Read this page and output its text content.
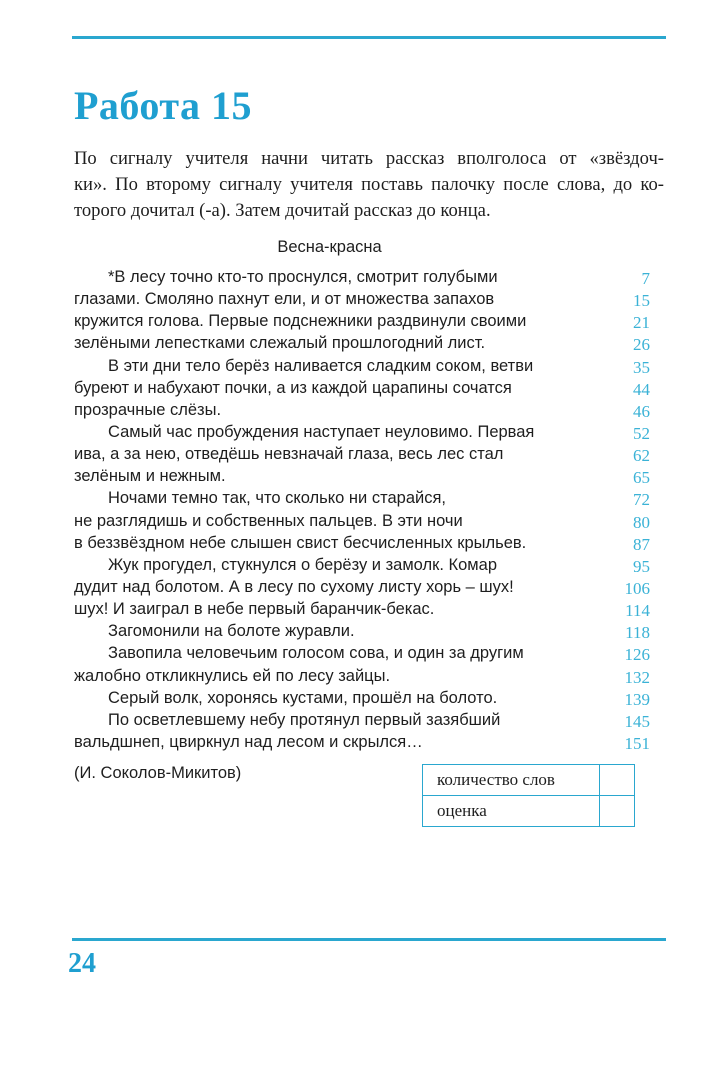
Работа 15

По сигналу учителя начни читать рассказ вполголоса от «звёздоч-
ки». По второму сигналу учителя поставь палочку после слова, до ко-
торого дочитал (-а). Затем дочитай рассказ до конца.

Весна-красна
*В лесу точно кто-то проснулся, смотрит голубыми	7
глазами. Смоляно пахнут ели, и от множества запахов	15
кружится голова. Первые подснежники раздвинули своими	21
зелёными лепестками слежалый прошлогодний лист.	26
В эти дни тело берёз наливается сладким соком, ветви	35
буреют и набухают почки, а из каждой царапины сочатся	44
прозрачные слёзы.	46
Самый час пробуждения наступает неуловимо. Первая	52
ива, а за нею, отведёшь невзначай глаза, весь лес стал	62
зелёным и нежным.	65
Ночами темно так, что сколько ни старайся,	72
не разглядишь и собственных пальцев. В эти ночи	80
в беззвёздном небе слышен свист бесчисленных крыльев.	87
Жук прогудел, стукнулся о берёзу и замолк. Комар	95
дудит над болотом. А в лесу по сухому листу хорь – шух!	106
шух! И заиграл в небе первый баранчик-бекас.	114
Загомонили на болоте журавли.	118
Завопила человечьим голосом сова, и один за другим	126
жалобно откликнулись ей по лесу зайцы.	132
Серый волк, хоронясь кустами, прошёл на болото.	139
По осветлевшему небу протянул первый зазябший	145
вальдшнеп, цвиркнул над лесом и скрылся…	151
(И. Соколов-Микитов)	количество слов	
оценка	
24
